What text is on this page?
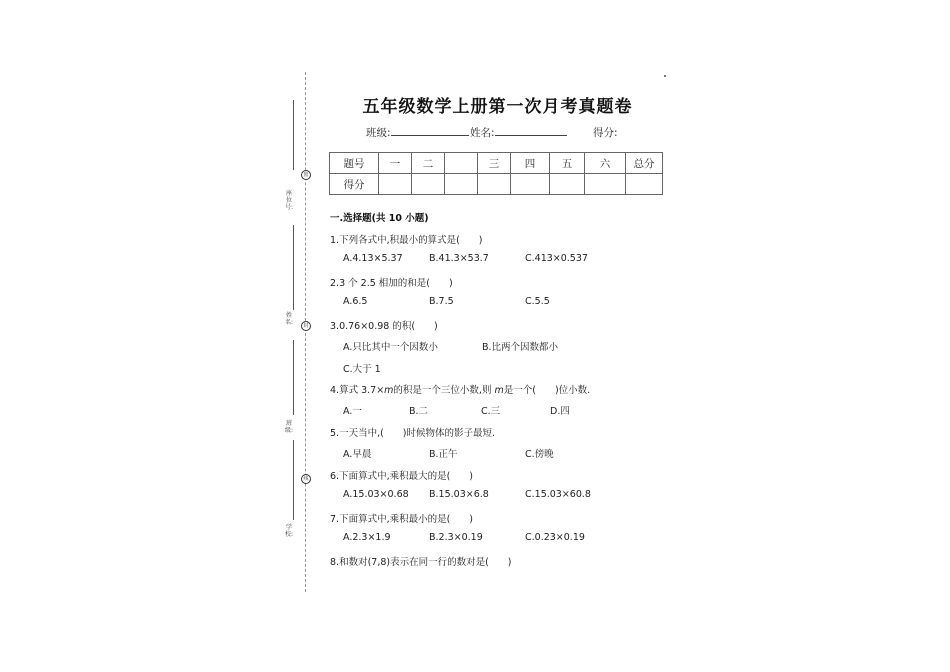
座位号:
姓名:
班级:
学校:
密
封
线
五年级数学上册第一次月考真题卷
班级:	姓名:	得分:
题号	一	二		三	四	五	六	总分
得分								
一.选择题(共 10 小题)
1.下列各式中,积最小的算式是(　　)
A.4.13×5.37	B.41.3×53.7	C.413×0.537
2.3 个 2.5 相加的和是(　　)
A.6.5	B.7.5	C.5.5
3.0.76×0.98 的积(　　)
A.只比其中一个因数小	B.比两个因数都小
C.大于 1
4.算式 3.7×m的积是一个三位小数,则 m是一个(　　)位小数.
A.一	B.二	C.三	D.四
5.一天当中,(　　)时候物体的影子最短.
A.早晨	B.正午	C.傍晚
6.下面算式中,乘积最大的是(　　)
A.15.03×0.68 B.15.03×6.8	C.15.03×60.8
7.下面算式中,乘积最小的是(　　)
A.2.3×1.9	B.2.3×0.19	C.0.23×0.19
8.和数对(7,8)表示在同一行的数对是(　　)
